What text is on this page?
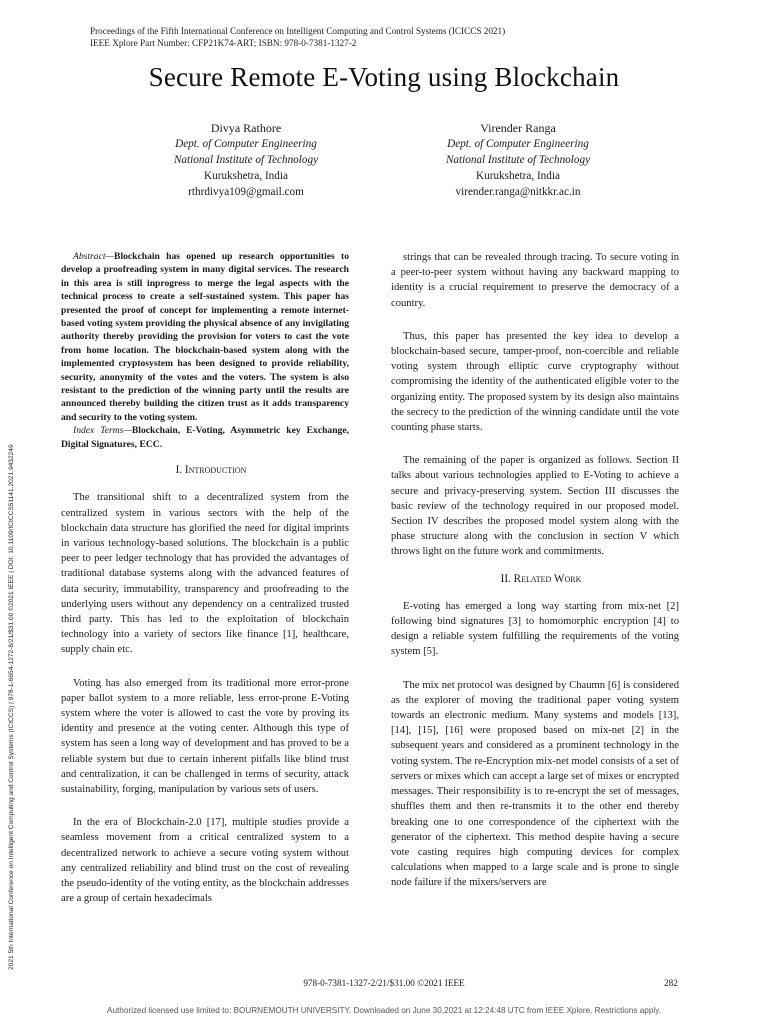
Proceedings of the Fifth International Conference on Intelligent Computing and Control Systems (ICICCS 2021)
IEEE Xplore Part Number: CFP21K74-ART; ISBN: 978-0-7381-1327-2
Secure Remote E-Voting using Blockchain
Divya Rathore
Dept. of Computer Engineering
National Institute of Technology
Kurukshetra, India
rthrdivya109@gmail.com
Virender Ranga
Dept. of Computer Engineering
National Institute of Technology
Kurukshetra, India
virender.ranga@nitkkr.ac.in
2021 5th International Conference on Intelligent Computing and Control Systems (ICICCS) | 978-1-6654-1272-8/21/$31.00 ©2021 IEEE | DOI: 10.1109/ICICCS51141.2021.9432249

Abstract—Blockchain has opened up research opportunities to develop a proofreading system in many digital services. The research in this area is still inprogress to merge the legal aspects with the technical process to create a self-sustained system. This paper has presented the proof of concept for implementing a remote internet-based voting system providing the physical absence of any invigilating authority thereby providing the provision for voters to cast the vote from home location. The blockchain-based system along with the implemented cryptosystem has been designed to provide reliability, security, anonymity of the votes and the voters. The system is also resistant to the prediction of the winning party until the results are announced thereby building the citizen trust as it adds transparency and security to the voting system.

Index Terms—Blockchain, E-Voting, Asymmetric key Exchange, Digital Signatures, ECC.

I. Introduction

The transitional shift to a decentralized system from the centralized system in various sectors with the help of the blockchain data structure has glorified the need for digital imprints in various technology-based solutions. The blockchain is a public peer to peer ledger technology that has provided the advantages of traditional database systems along with the advanced features of data security, immutability, transparency and proofreading to the underlying users without any dependency on a centralized trusted third party. This has led to the exploitation of blockchain technology into a variety of sectors like finance [1], healthcare, supply chain etc.

Voting has also emerged from its traditional more error-prone paper ballot system to a more reliable, less error-prone E-Voting system where the voter is allowed to cast the vote by proving its identity and presence at the voting center. Although this type of system has seen a long way of development and has proved to be a reliable system but due to certain inherent pitfalls like blind trust and centralization, it can be challenged in terms of security, attack sustainability, forging, manipulation by various sets of users.

In the era of Blockchain-2.0 [17], multiple studies provide a seamless movement from a critical centralized system to a decentralized network to achieve a secure voting system without any centralized reliability and blind trust on the cost of revealing the pseudo-identity of the voting entity, as the blockchain addresses are a group of certain hexadecimals

strings that can be revealed through tracing. To secure voting in a peer-to-peer system without having any backward mapping to identity is a crucial requirement to preserve the democracy of a country.

Thus, this paper has presented the key idea to develop a blockchain-based secure, tamper-proof, non-coercible and reliable voting system through elliptic curve cryptography without compromising the identity of the authenticated eligible voter to the organizing entity. The proposed system by its design also maintains the secrecy to the prediction of the winning candidate until the vote counting phase starts.

The remaining of the paper is organized as follows. Section II talks about various technologies applied to E-Voting to achieve a secure and privacy-preserving system. Section III discusses the basic review of the technology required in our proposed model. Section IV describes the proposed model system along with the phase structure along with the conclusion in section V which throws light on the future work and commitments.

II. Related Work

E-voting has emerged a long way starting from mix-net [2] following bind signatures [3] to homomorphic encryption [4] to design a reliable system fulfilling the requirements of the voting system [5].

The mix net protocol was designed by Chaumn [6] is considered as the explorer of moving the traditional paper voting system towards an electronic medium. Many systems and models [13], [14], [15], [16] were proposed based on mix-net [2] in the subsequent years and considered as a prominent technology in the voting system. The re-Encryption mix-net model consists of a set of servers or mixes which can accept a large set of mixes or encrypted messages. Their responsibility is to re-encrypt the set of messages, shuffles them and then re-transmits it to the other end thereby breaking one to one correspondence of the ciphertext with the generator of the ciphertext. This method despite having a secure vote casting requires high computing devices for complex calculations when mapped to a large scale and is prone to single node failure if the mixers/servers are

978-0-7381-1327-2/21/$31.00 ©2021 IEEE	282
Authorized licensed use limited to: BOURNEMOUTH UNIVERSITY. Downloaded on June 30,2021 at 12:24:48 UTC from IEEE Xplore. Restrictions apply.
